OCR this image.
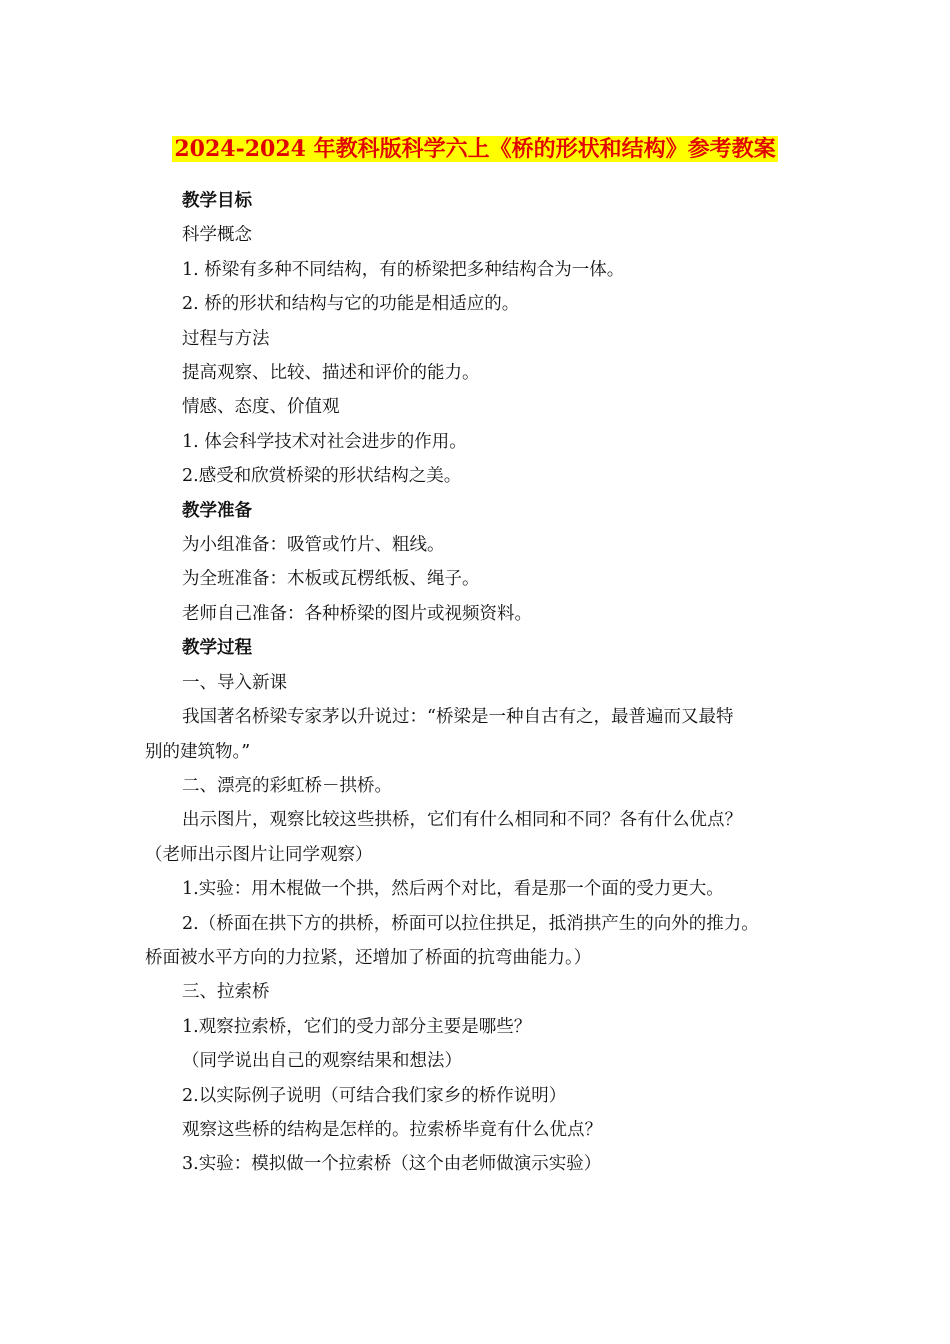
2024-2024 年教科版科学六上《桥的形状和结构》参考教案

教学目标

科学概念

1. 桥梁有多种不同结构，有的桥梁把多种结构合为一体。

2. 桥的形状和结构与它的功能是相适应的。

过程与方法

提高观察、比较、描述和评价的能力。

情感、态度、价值观

1. 体会科学技术对社会进步的作用。

2.感受和欣赏桥梁的形状结构之美。

教学准备

为小组准备：吸管或竹片、粗线。

为全班准备：木板或瓦楞纸板、绳子。

老师自己准备：各种桥梁的图片或视频资料。

教学过程

一、导入新课

我国著名桥梁专家茅以升说过：“桥梁是一种自古有之，最普遍而又最特

别的建筑物。”

二、漂亮的彩虹桥－拱桥。

出示图片，观察比较这些拱桥，它们有什么相同和不同？各有什么优点？

（老师出示图片让同学观察）

1.实验：用木棍做一个拱，然后两个对比，看是那一个面的受力更大。

2.（桥面在拱下方的拱桥，桥面可以拉住拱足，抵消拱产生的向外的推力。

桥面被水平方向的力拉紧，还增加了桥面的抗弯曲能力。）

三、拉索桥

1.观察拉索桥，它们的受力部分主要是哪些？

（同学说出自己的观察结果和想法）

2.以实际例子说明（可结合我们家乡的桥作说明）

观察这些桥的结构是怎样的。拉索桥毕竟有什么优点？

3.实验：模拟做一个拉索桥（这个由老师做演示实验）
